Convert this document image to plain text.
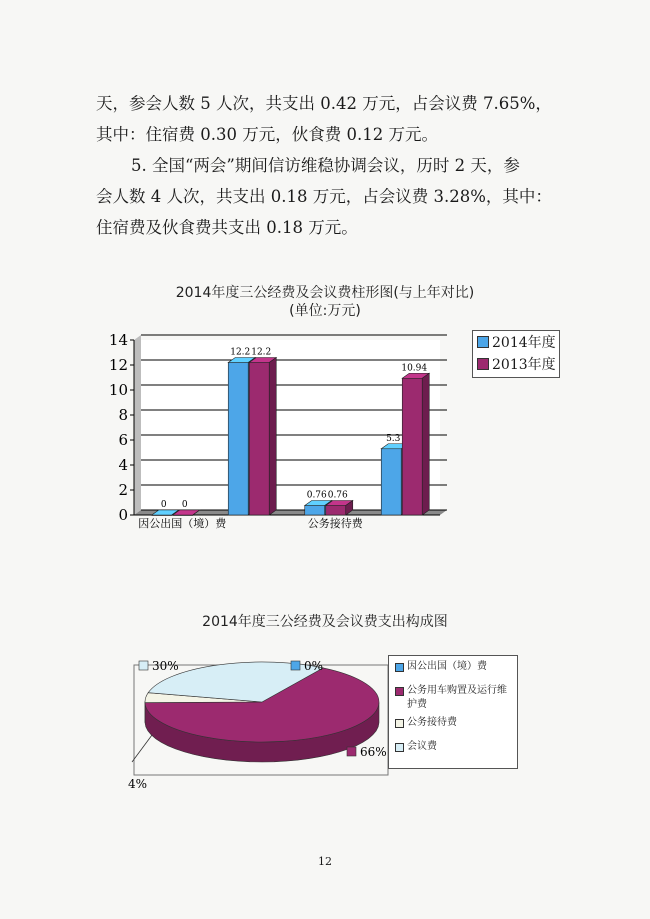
天，参会人数 5 人次，共支出 0.42 万元，占会议费 7.65%，

其中：住宿费 0.30 万元，伙食费 0.12 万元。

5. 全国“两会”期间信访维稳协调会议，历时 2 天，参

会人数 4 人次，共支出 0.18 万元，占会议费 3.28%，其中：

住宿费及伙食费共支出 0.18 万元。

2014年度三公经费及会议费柱形图(与上年对比)
(单位:万元)
0
2
4
6
8
10
12
14
0 0
12.2 12.2
0.76 0.76
5.3
10.94
因公出国（境）费	公务接待费
2014年度
2013年度
2014年度三公经费及会议费支出构成图
0%
66%
4%
30%	因公出国（境）费
公务用车购置及运行维护费
公务接待费
会议费
12
